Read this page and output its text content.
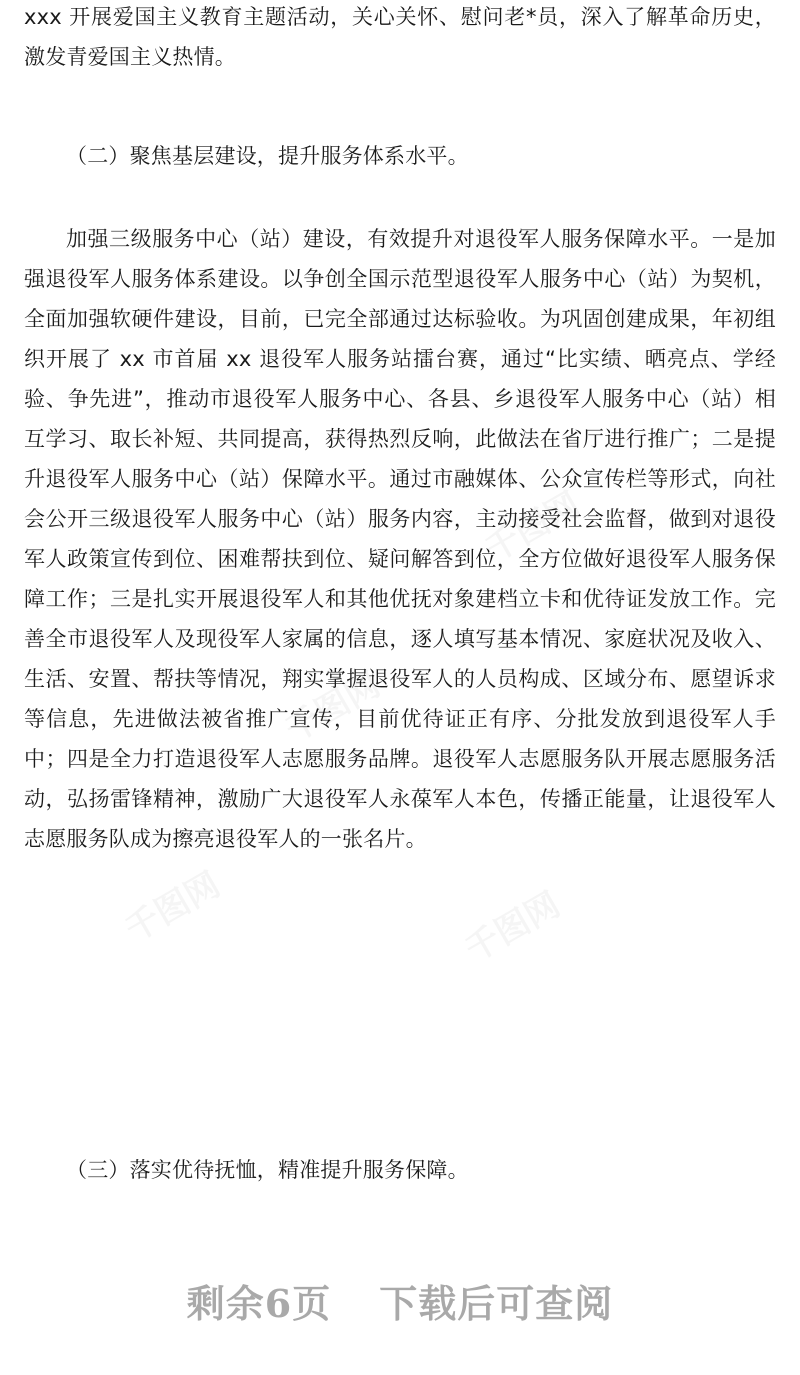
千图网
千图网
千图网	千图网

xxx 开展爱国主义教育主题活动，关心关怀、慰问老*员，深入了解革命历史，激发青爱国主义热情。

（二）聚焦基层建设，提升服务体系水平。

加强三级服务中心（站）建设，有效提升对退役军人服务保障水平。一是加强退役军人服务体系建设。以争创全国示范型退役军人服务中心（站）为契机，全面加强软硬件建设，目前，已完全部通过达标验收。为巩固创建成果，年初组织开展了 xx 市首届 xx 退役军人服务站擂台赛，通过“比实绩、晒亮点、学经验、争先进”，推动市退役军人服务中心、各县、乡退役军人服务中心（站）相互学习、取长补短、共同提高，获得热烈反响，此做法在省厅进行推广；二是提升退役军人服务中心（站）保障水平。通过市融媒体、公众宣传栏等形式，向社会公开三级退役军人服务中心（站）服务内容，主动接受社会监督，做到对退役军人政策宣传到位、困难帮扶到位、疑问解答到位，全方位做好退役军人服务保障工作；三是扎实开展退役军人和其他优抚对象建档立卡和优待证发放工作。完善全市退役军人及现役军人家属的信息，逐人填写基本情况、家庭状况及收入、生活、安置、帮扶等情况，翔实掌握退役军人的人员构成、区域分布、愿望诉求等信息，先进做法被省推广宣传，目前优待证正有序、分批发放到退役军人手中；四是全力打造退役军人志愿服务品牌。退役军人志愿服务队开展志愿服务活动，弘扬雷锋精神，激励广大退役军人永葆军人本色，传播正能量，让退役军人志愿服务队成为擦亮退役军人的一张名片。

（三）落实优待抚恤，精准提升服务保障。

剩余6页 下载后可查阅
